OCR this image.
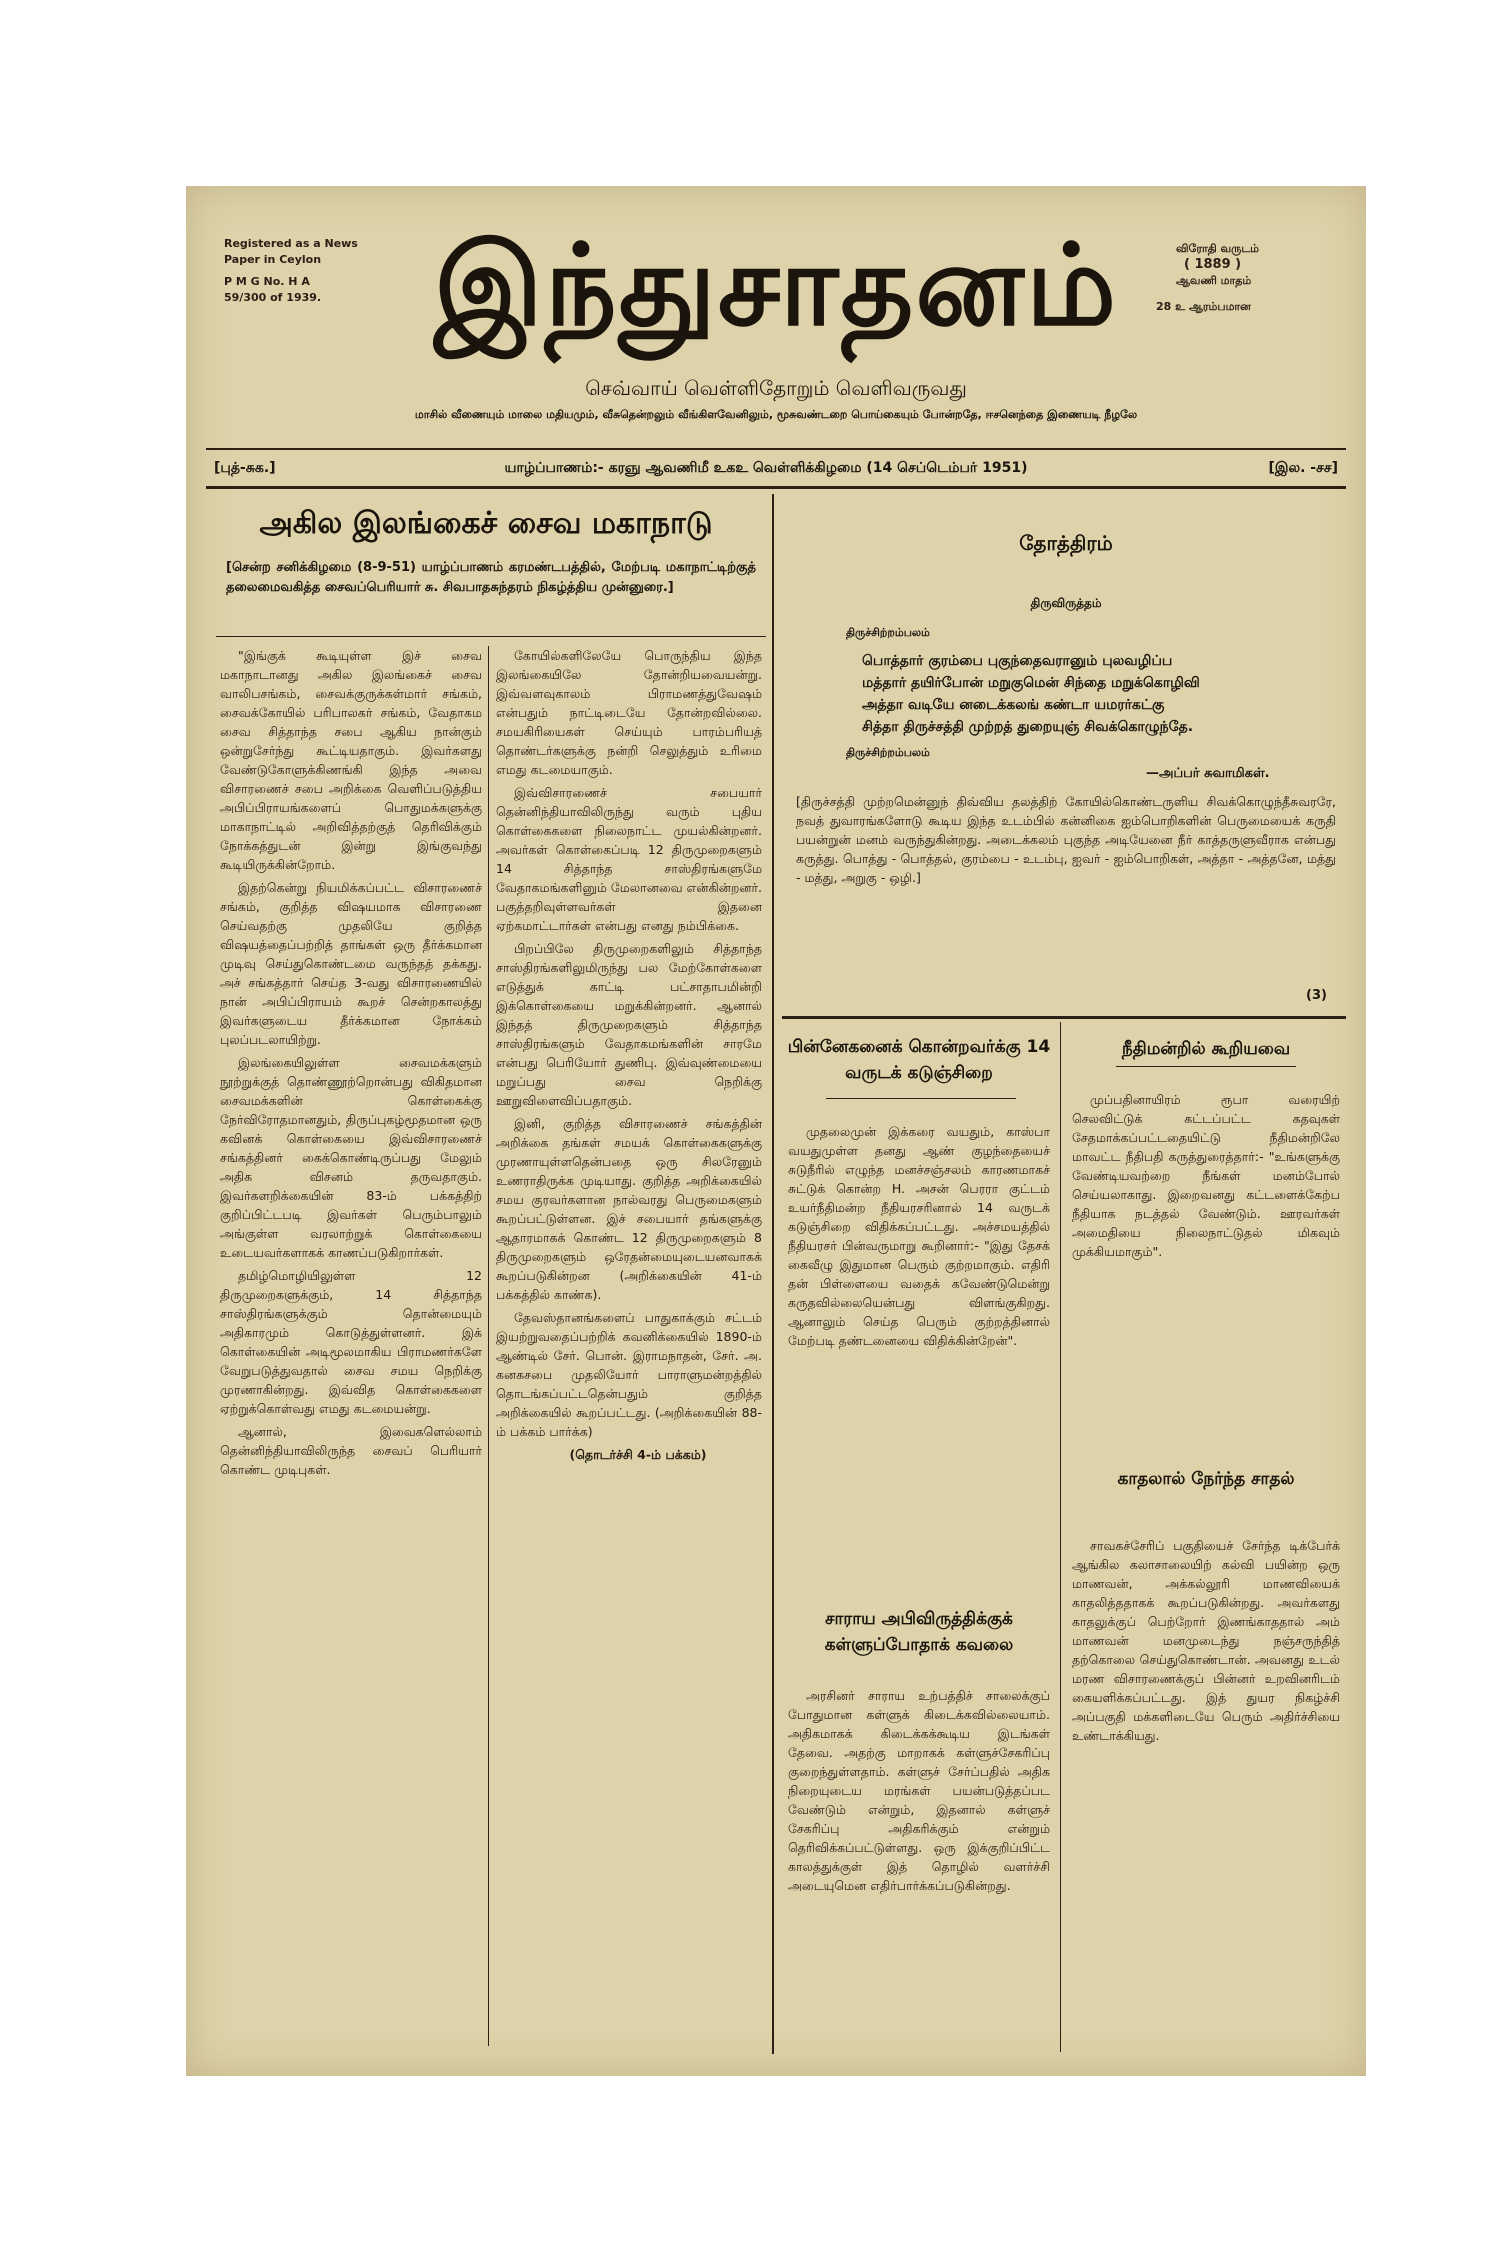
Registered as a News
Paper in Ceylon
P M G No. H A
59/300 of 1939.	இந்துசாதனம்	விரோதி வருடம்
( 1889 )
ஆவணி மாதம்
28 உ ஆரம்பமான
செவ்வாய் வெள்ளிதோறும் வெளிவருவது
மாசில் வீணையும் மாலை மதியமும், வீசுதென்றலும் வீங்கிளவேனிலும், மூசுவண்டறை பொய்கையும் போன்றதே, ஈசனெந்தை இணையடி நீழலே
[புத்-சுக.]	யாழ்ப்பாணம்:- கரஞு ஆவணிமீ உகஉ வெள்ளிக்கிழமை (14 செப்டெம்பர் 1951)	[இல. -சச]
அகில இலங்கைச் சைவ மகாநாடு
[சென்ற சனிக்கிழமை (8-9-51) யாழ்ப்பாணம் கரமண்டபத்தில், மேற்படி மகாநாட்டிற்குத் தலைமைவகித்த சைவப்பெரியார் சு. சிவபாதசுந்தரம் நிகழ்த்திய முன்னுரை.]

"இங்குக் கூடியுள்ள இச் சைவ மகாநாடானது அகில இலங்கைச் சைவ வாலிபசங்கம், சைவக்குருக்கள்மார் சங்கம், சைவக்கோயில் பரிபாலகர் சங்கம், வேதாகம சைவ சித்தாந்த சபை ஆகிய நான்கும் ஒன்றுசேர்ந்து கூட்டியதாகும். இவர்களது வேண்டுகோளுக்கிணங்கி இந்த அவை விசாரணைச் சபை அறிக்கை வெளிப்படுத்திய அபிப்பிராயங்களைப் பொதுமக்களுக்கு மாகாநாட்டில் அறிவித்தற்குத் தெரிவிக்கும் நோக்கத்துடன் இன்று இங்குவந்து கூடியிருக்கின்றோம்.

இதற்கென்று நியமிக்கப்பட்ட விசாரணைச் சங்கம், குறித்த விஷயமாக விசாரணை செய்வதற்கு முதலியே குறித்த விஷயத்தைப்பற்றித் தாங்கள் ஒரு தீர்க்கமான முடிவு செய்துகொண்டமை வருந்தத் தக்கது. அச் சங்கத்தார் செய்த 3-வது விசாரணையில் நான் அபிப்பிராயம் கூறச் சென்றகாலத்து இவர்களுடைய தீர்க்கமான நோக்கம் புலப்படலாயிற்று.

இலங்கையிலுள்ள சைவமக்களும் நூற்றுக்குத் தொண்ணூற்றொன்பது விகிதமான சைவமக்களின் கொள்கைக்கு நேர்விரோதமானதும், திருப்புகழ்மூதமான ஒரு கவினக் கொள்கையை இவ்விசாரணைச் சங்கத்தினர் கைக்கொண்டிருப்பது மேலும் அதிக விசனம் தருவதாகும். இவர்களறிக்கையின் 83-ம் பக்கத்திற் குறிப்பிட்டபடி இவர்கள் பெரும்பாலும் அங்குள்ள வரலாற்றுக் கொள்கையை உடையவர்களாகக் காணப்படுகிறார்கள்.

தமிழ்மொழியிலுள்ள 12 திருமுறைகளுக்கும், 14 சித்தாந்த சாஸ்திரங்களுக்கும் தொன்மையும் அதிகாரமும் கொடுத்துள்ளனர். இக் கொள்கையின் அடிமூலமாகிய பிராமணர்களே வேறுபடுத்துவதால் சைவ சமய நெறிக்கு முரணாகின்றது. இவ்வித கொள்கைகளை ஏற்றுக்கொள்வது எமது கடமையன்று.

ஆனால், இவைகளெல்லாம் தென்னிந்தியாவிலிருந்த சைவப் பெரியார் கொண்ட முடிபுகள்.

கோயில்களிலேயே பொருந்திய இந்த இலங்கையிலே தோன்றியவையன்று. இவ்வளவுகாலம் பிராமணத்துவேஷம் என்பதும் நாட்டிடையே தோன்றவில்லை. சமயகிரியைகள் செய்யும் பாரம்பரியத் தொண்டர்களுக்கு நன்றி செலுத்தும் உரிமை எமது கடமையாகும்.

இவ்விசாரணைச் சபையார் தென்னிந்தியாவிலிருந்து வரும் புதிய கொள்கைகளை நிலைநாட்ட முயல்கின்றனர். அவர்கள் கொள்கைப்படி 12 திருமுறைகளும் 14 சித்தாந்த சாஸ்திரங்களுமே வேதாகமங்களினும் மேலானவை என்கின்றனர். பகுத்தறிவுள்ளவர்கள் இதனை ஏற்கமாட்டார்கள் என்பது எனது நம்பிக்கை.

பிறப்பிலே திருமுறைகளிலும் சித்தாந்த சாஸ்திரங்களிலுமிருந்து பல மேற்கோள்களை எடுத்துக் காட்டி பட்சாதாபமின்றி இக்கொள்கையை மறுக்கின்றனர். ஆனால் இந்தத் திருமுறைகளும் சித்தாந்த சாஸ்திரங்களும் வேதாகமங்களின் சாரமே என்பது பெரியோர் துணிபு. இவ்வுண்மையை மறுப்பது சைவ நெறிக்கு ஊறுவிளைவிப்பதாகும்.

இனி, குறித்த விசாரணைச் சங்கத்தின் அறிக்கை தங்கள் சமயக் கொள்கைகளுக்கு முரணாயுள்ளதென்பதை ஒரு சிலரேனும் உணராதிருக்க முடியாது. குறித்த அறிக்கையில் சமய குரவர்களான நால்வரது பெருமைகளும் கூறப்பட்டுள்ளன. இச் சபையார் தங்களுக்கு ஆதாரமாகக் கொண்ட 12 திருமுறைகளும் 8 திருமுறைகளும் ஒரேதன்மையுடையனவாகக் கூறப்படுகின்றன (அறிக்கையின் 41-ம் பக்கத்தில் காண்க).

தேவஸ்தானங்களைப் பாதுகாக்கும் சட்டம் இயற்றுவதைப்பற்றிக் கவனிக்கையில் 1890-ம் ஆண்டில் சேர். பொன். இராமநாதன், சேர். அ. கனகசபை முதலியோர் பாராளுமன்றத்தில் தொடங்கப்பட்டதென்பதும் குறித்த அறிக்கையில் கூறப்பட்டது. (அறிக்கையின் 88-ம் பக்கம் பார்க்க)

(தொடர்ச்சி 4-ம் பக்கம்)

தோத்திரம்
திருவிருத்தம்
திருச்சிற்றம்பலம்
பொத்தார் குரம்பை புகுந்தைவரானும் புலவழிப்ப
மத்தார் தயிர்போன் மறுகுமென் சிந்தை மறுக்கொழிவி
அத்தா வடியே னடைக்கலங் கண்டா யமரர்கட்கு
சித்தா திருச்சத்தி முற்றத் துறையுஞ் சிவக்கொழுந்தே.
திருச்சிற்றம்பலம்
—அப்பர் சுவாமிகள்.
[திருச்சத்தி முற்றமென்னுந் திவ்விய தலத்திற் கோயில்கொண்டருளிய சிவக்கொழுந்தீசுவரரே, நவத் துவாரங்களோடு கூடிய இந்த உடம்பில் கன்னிகை ஐம்பொறிகளின் பெருமையைக் கருதி பயன்றுன் மனம் வருந்துகின்றது. அடைக்கலம் புகுந்த அடியேனை நீர் காத்தருளுவீராக என்பது கருத்து. பொத்து - பொத்தல், குரம்பை - உடம்பு, ஐவர் - ஐம்பொறிகள், அத்தா - அத்தனே, மத்து - மத்து, அறுகு - ஒழி.]
(3)
பின்னேகனைக் கொன்றவர்க்கு 14 வருடக் கடுஞ்சிறை

முதலைமுன் இக்கரை வயதும், காஸ்பா வயதுமுள்ள தனது ஆண் குழந்தையைச் சுடுநீரில் எழுந்த மனச்சஞ்சலம் காரணமாகச் சுட்டுக் கொன்ற H. அசன் பெரரா குட்டம் உயர்நீதிமன்ற நீதியரசரினால் 14 வருடக் கடுஞ்சிறை விதிக்கப்பட்டது. அச்சமயத்தில் நீதியரசர் பின்வருமாறு கூறினார்:- "இது தேசக் கைவீழு இதுமான பெரும் குற்றமாகும். எதிரி தன் பிள்ளையை வதைக் கவேண்டுமென்று கருதவில்லையென்பது விளங்குகிறது. ஆனாலும் செய்த பெரும் குற்றத்தினால் மேற்படி தண்டனையை விதிக்கின்றேன்".

சாராய அபிவிருத்திக்குக் கள்ளுப்போதாக் கவலை

அரசினர் சாராய உற்பத்திச் சாலைக்குப் போதுமான கள்ளுக் கிடைக்கவில்லையாம். அதிகமாகக் கிடைக்கக்கூடிய இடங்கள் தேவை. அதற்கு மாறாகக் கள்ளுச்சேகரிப்பு குறைந்துள்ளதாம். கள்ளுச் சேர்ப்பதில் அதிக நிறையுடைய மரங்கள் பயன்படுத்தப்பட வேண்டும் என்றும், இதனால் கள்ளுச் சேகரிப்பு அதிகரிக்கும் என்றும் தெரிவிக்கப்பட்டுள்ளது. ஒரு இக்குறிப்பிட்ட காலத்துக்குள் இத் தொழில் வளர்ச்சி அடையுமென எதிர்பார்க்கப்படுகின்றது.

நீதிமன்றில் கூறியவை

முப்பதினாயிரம் ரூபா வரையிற் செலவிட்டுக் கட்டப்பட்ட கதவுகள் சேதமாக்கப்பட்டதையிட்டு நீதிமன்றிலே மாவட்ட நீதிபதி கருத்துரைத்தார்:- "உங்களுக்கு வேண்டியவற்றை நீங்கள் மனம்போல் செய்யலாகாது. இறைவனது கட்டளைக்கேற்ப நீதியாக நடத்தல் வேண்டும். ஊரவர்கள் அமைதியை நிலைநாட்டுதல் மிகவும் முக்கியமாகும்".

காதலால் நேர்ந்த சாதல்

சாவகச்சேரிப் பகுதியைச் சேர்ந்த டிக்பேர்க் ஆங்கில கலாசாலையிற் கல்வி பயின்ற ஒரு மாணவன், அக்கல்லூரி மாணவியைக் காதலித்ததாகக் கூறப்படுகின்றது. அவர்களது காதலுக்குப் பெற்றோர் இணங்காததால் அம் மாணவன் மனமுடைந்து நஞ்சருந்தித் தற்கொலை செய்துகொண்டான். அவனது உடல் மரண விசாரணைக்குப் பின்னர் உறவினரிடம் கையளிக்கப்பட்டது. இத் துயர நிகழ்ச்சி அப்பகுதி மக்களிடையே பெரும் அதிர்ச்சியை உண்டாக்கியது.
